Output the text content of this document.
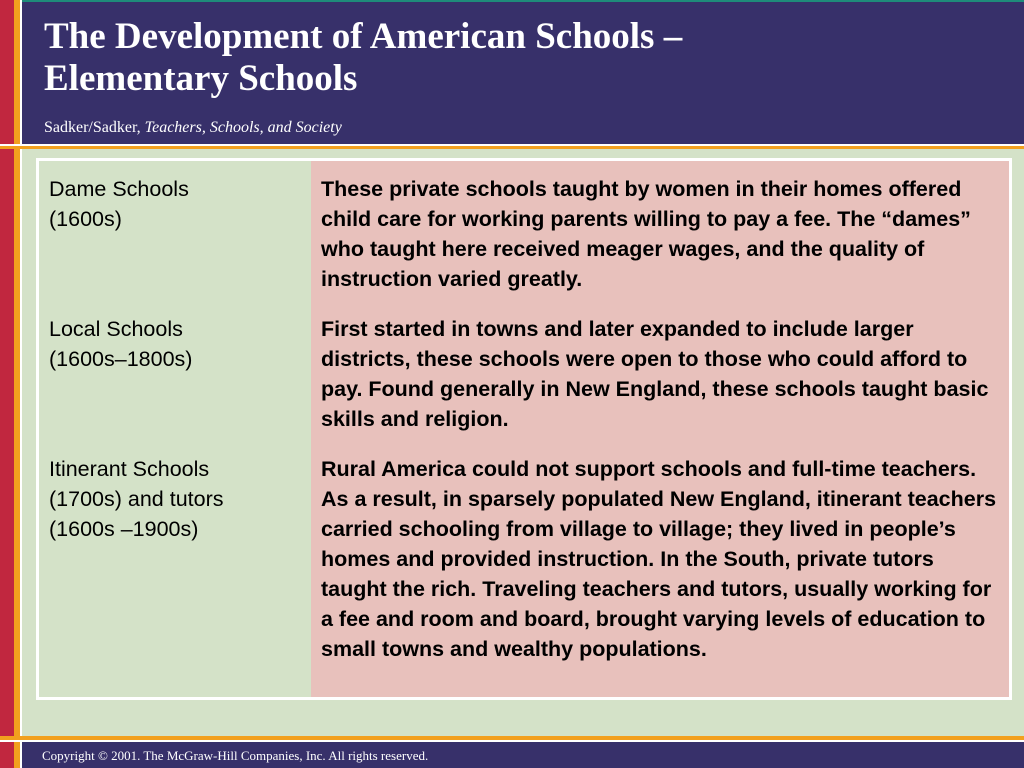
The Development of American Schools –
Elementary Schools
Sadker/Sadker, Teachers, Schools, and Society
Dame Schools
(1600s)
These private schools taught by women in their homes offered child care for working parents willing to pay a fee. The “dames” who taught here received meager wages, and the quality of instruction varied greatly.
Local Schools
(1600s–1800s)
First started in towns and later expanded to include larger districts, these schools were open to those who could afford to pay. Found generally in New England, these schools taught basic skills and religion.
Itinerant Schools
(1700s) and tutors
(1600s –1900s)
Rural America could not support schools and full-time teachers. As a result, in sparsely populated New England, itinerant teachers carried schooling from village to village; they lived in people’s homes and provided instruction. In the South, private tutors taught the rich. Traveling teachers and tutors, usually working for a fee and room and board, brought varying levels of education to small towns and wealthy populations.
Copyright © 2001. The McGraw-Hill Companies, Inc. All rights reserved.
